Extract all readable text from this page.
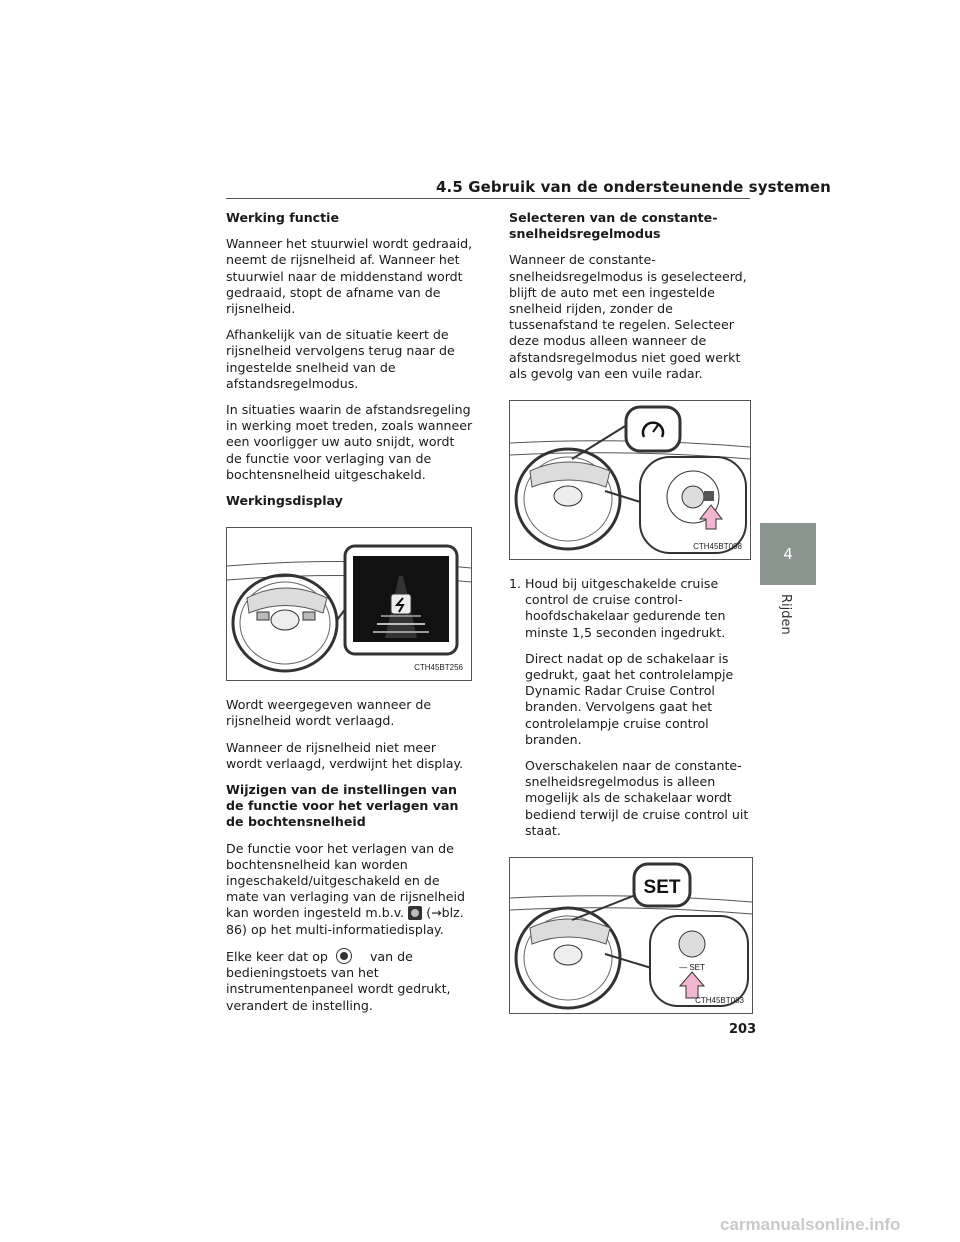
4.5 Gebruik van de ondersteunende systemen
Werking functie

Wanneer het stuurwiel wordt gedraaid, neemt de rijsnelheid af. Wanneer het stuurwiel naar de middenstand wordt gedraaid, stopt de afname van de rijsnelheid.

Afhankelijk van de situatie keert de rijsnelheid vervolgens terug naar de ingestelde snelheid van de afstandsregelmodus.

In situaties waarin de afstandsregeling in werking moet treden, zoals wanneer een voorligger uw auto snijdt, wordt de functie voor verlaging van de bochtensnelheid uitgeschakeld.

Werkingsdisplay
CTH45BT256

Wordt weergegeven wanneer de rijsnelheid wordt verlaagd.

Wanneer de rijsnelheid niet meer wordt verlaagd, verdwijnt het display.

Wijzigen van de instellingen van de functie voor het verlagen van de bochtensnelheid

De functie voor het verlagen van de bochtensnelheid kan worden ingeschakeld/uitgeschakeld en de mate van verlaging van de rijsnelheid kan worden ingesteld m.b.v. (→blz. 86) op het multi-informatiedisplay.

Elke keer dat op	van de bedieningstoets van het instrumentenpaneel wordt gedrukt, verandert de instelling.

Selecteren van de constante-snelheidsregelmodus

Wanneer de constante-snelheidsregelmodus is geselecteerd, blijft de auto met een ingestelde snelheid rijden, zonder de tussenafstand te regelen. Selecteer deze modus alleen wanneer de afstandsregelmodus niet goed werkt als gevolg van een vuile radar.

CTH45BT098
1. Houd bij uitgeschakelde cruise control de cruise control-hoofdschakelaar gedurende ten minste 1,5 seconden ingedrukt.

Direct nadat op de schakelaar is gedrukt, gaat het controlelampje Dynamic Radar Cruise Control branden. Vervolgens gaat het controlelampje cruise control branden.

Overschakelen naar de constante-snelheidsregelmodus is alleen mogelijk als de schakelaar wordt bediend terwijl de cruise control uit staat.

SET
— SET
CTH45BT083
4
Rijden
203
carmanualsonline.info
